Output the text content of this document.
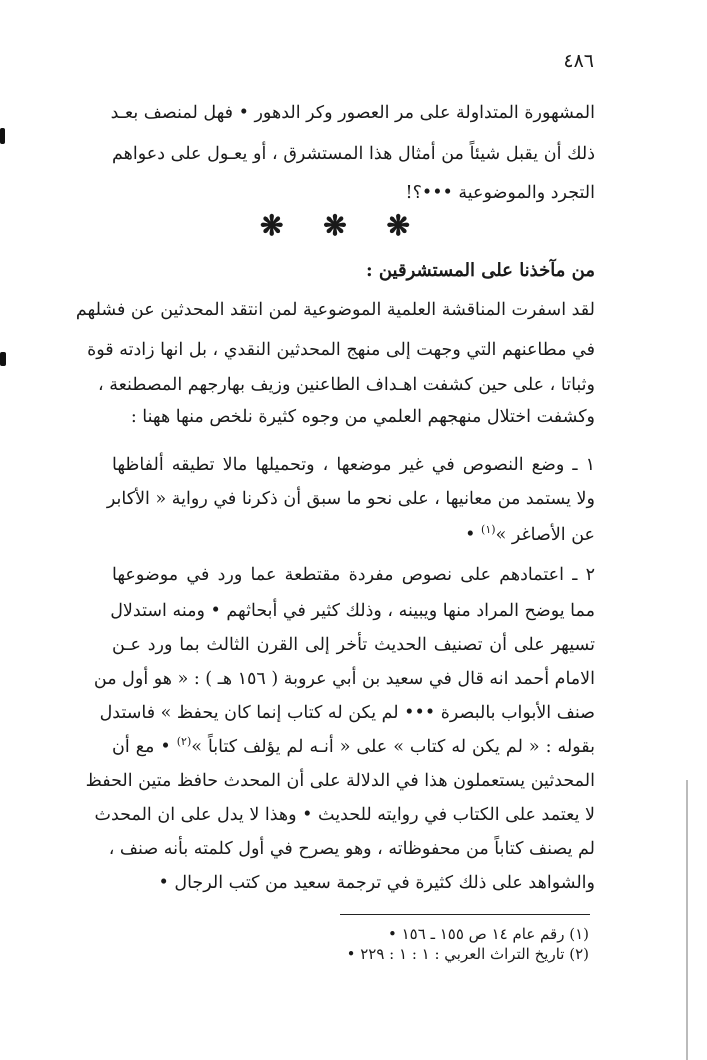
٤٨٦
المشهورة المتداولة على مر العصور وكر الدهور • فهل لمنصف بعـد
ذلك أن يقبل شيئاً من أمثال هذا المستشرق ، أو يعـول على دعواهم
التجرد والموضوعية •••؟!
❋ ❋ ❋
من مآخذنا على المستشرقين :
لقد اسفرت المناقشة العلمية الموضوعية لمن انتقد المحدثين عن فشلهم
في مطاعنهم التي وجهت إلى منهج المحدثين النقدي ، بل انها زادته قوة
وثباتا ، على حين كشفت اهـداف الطاعنين وزيف بهارجهم المصطنعة ،
وكشفت اختلال منهجهم العلمي من وجوه كثيرة نلخص منها ههنا :
١ ـ وضع النصوص في غير موضعها ، وتحميلها مالا تطيقه ألفاظها
ولا يستمد من معانيها ، على نحو ما سبق أن ذكرنا في رواية « الأكابر
عن الأصاغر »$^{(١)}$ •
٢ ـ اعتمادهم على نصوص مفردة مقتطعة عما ورد في موضوعها
مما يوضح المراد منها ويبينه ، وذلك كثير في أبحاثهم • ومنه استدلال
تسيهر على أن تصنيف الحديث تأخر إلى القرن الثالث بما ورد عـن
الامام أحمد انه قال في سعيد بن أبي عروبة ( ١٥٦ هـ ) : « هو أول من
صنف الأبواب بالبصرة ••• لم يكن له كتاب إنما كان يحفظ » فاستدل
بقوله : « لم يكن له كتاب » على « أنـه لم يؤلف كتاباً »$^{(٢)}$ • مع أن
المحدثين يستعملون هذا في الدلالة على أن المحدث حافظ متين الحفظ
لا يعتمد على الكتاب في روايته للحديث • وهذا لا يدل على ان المحدث
لم يصنف كتاباً من محفوظاته ، وهو يصرح في أول كلمته بأنه صنف ،
والشواهد على ذلك كثيرة في ترجمة سعيد من كتب الرجال •
(١) رقم عام ١٤ ص ١٥٥ ـ ١٥٦ •
(٢) تاريخ التراث العربي : ١ : ١ : ٢٢٩ •
